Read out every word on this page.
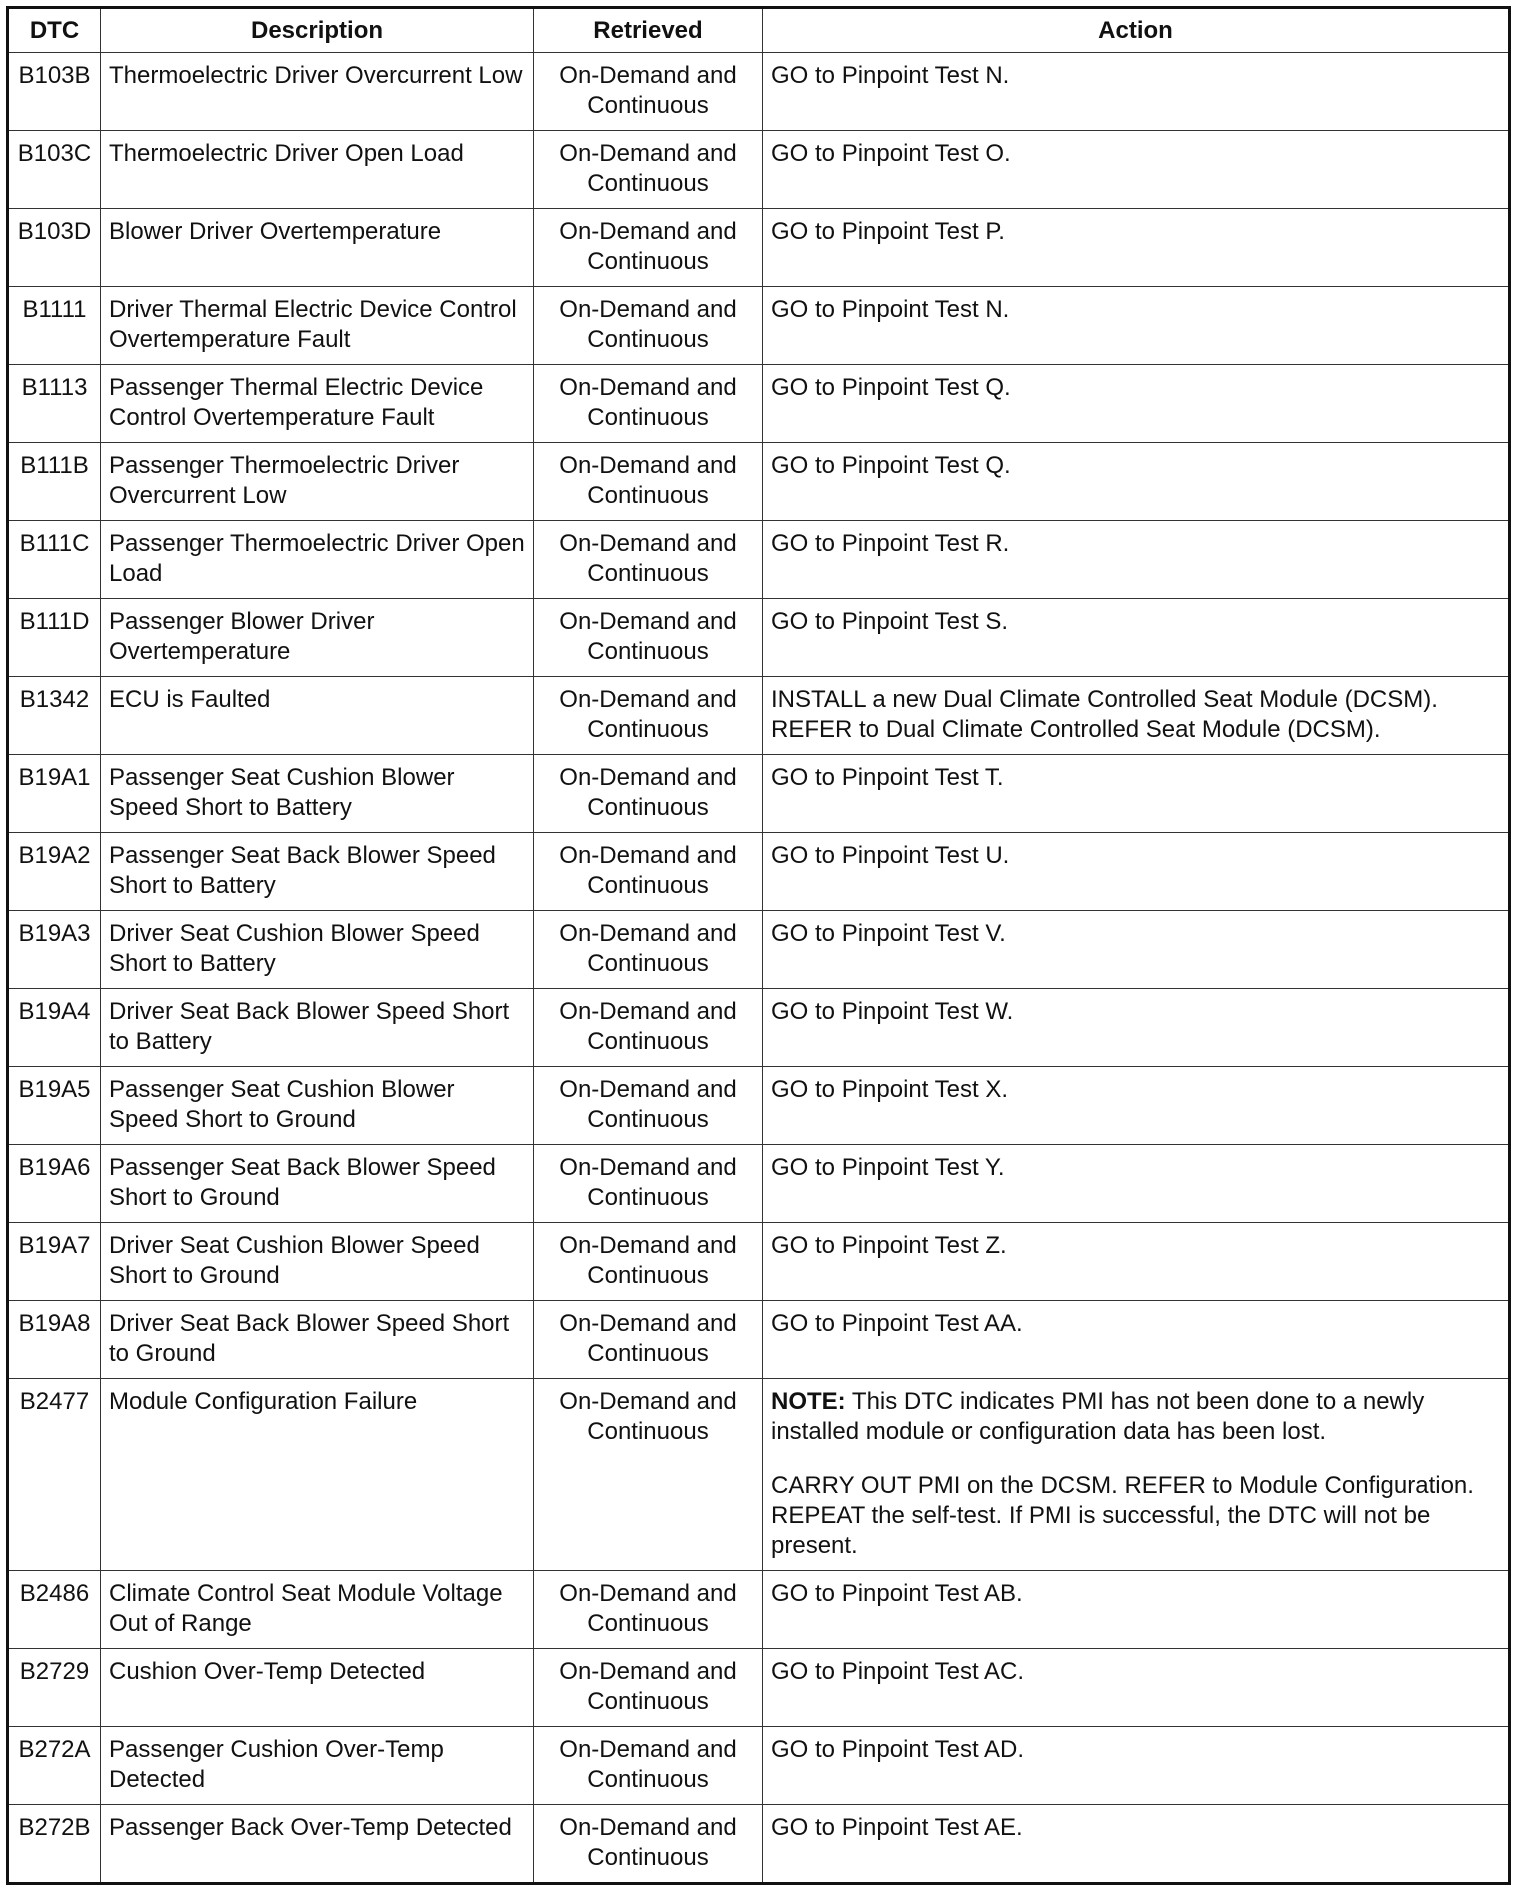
DTC	Description	Retrieved	Action
B103B	Thermoelectric Driver Overcurrent Low	On-Demand and Continuous	GO to Pinpoint Test N.
B103C	Thermoelectric Driver Open Load	On-Demand and Continuous	GO to Pinpoint Test O.
B103D	Blower Driver Overtemperature	On-Demand and Continuous	GO to Pinpoint Test P.
B1111	Driver Thermal Electric Device Control Overtemperature Fault	On-Demand and Continuous	GO to Pinpoint Test N.
B1113	Passenger Thermal Electric Device Control Overtemperature Fault	On-Demand and Continuous	GO to Pinpoint Test Q.
B111B	Passenger Thermoelectric Driver Overcurrent Low	On-Demand and Continuous	GO to Pinpoint Test Q.
B111C	Passenger Thermoelectric Driver Open Load	On-Demand and Continuous	GO to Pinpoint Test R.
B111D	Passenger Blower Driver Overtemperature	On-Demand and Continuous	GO to Pinpoint Test S.
B1342	ECU is Faulted	On-Demand and Continuous	INSTALL a new Dual Climate Controlled Seat Module (DCSM). REFER to Dual Climate Controlled Seat Module (DCSM).
B19A1	Passenger Seat Cushion Blower Speed Short to Battery	On-Demand and Continuous	GO to Pinpoint Test T.
B19A2	Passenger Seat Back Blower Speed Short to Battery	On-Demand and Continuous	GO to Pinpoint Test U.
B19A3	Driver Seat Cushion Blower Speed Short to Battery	On-Demand and Continuous	GO to Pinpoint Test V.
B19A4	Driver Seat Back Blower Speed Short to Battery	On-Demand and Continuous	GO to Pinpoint Test W.
B19A5	Passenger Seat Cushion Blower Speed Short to Ground	On-Demand and Continuous	GO to Pinpoint Test X.
B19A6	Passenger Seat Back Blower Speed Short to Ground	On-Demand and Continuous	GO to Pinpoint Test Y.
B19A7	Driver Seat Cushion Blower Speed Short to Ground	On-Demand and Continuous	GO to Pinpoint Test Z.
B19A8	Driver Seat Back Blower Speed Short to Ground	On-Demand and Continuous	GO to Pinpoint Test AA.
B2477	Module Configuration Failure	On-Demand and Continuous	NOTE: This DTC indicates PMI has not been done to a newly installed module or configuration data has been lost.

CARRY OUT PMI on the DCSM. REFER to Module Configuration. REPEAT the self-test. If PMI is successful, the DTC will not be present.

B2486	Climate Control Seat Module Voltage Out of Range	On-Demand and Continuous	GO to Pinpoint Test AB.
B2729	Cushion Over-Temp Detected	On-Demand and Continuous	GO to Pinpoint Test AC.
B272A	Passenger Cushion Over-Temp Detected	On-Demand and Continuous	GO to Pinpoint Test AD.
B272B	Passenger Back Over-Temp Detected	On-Demand and Continuous	GO to Pinpoint Test AE.
